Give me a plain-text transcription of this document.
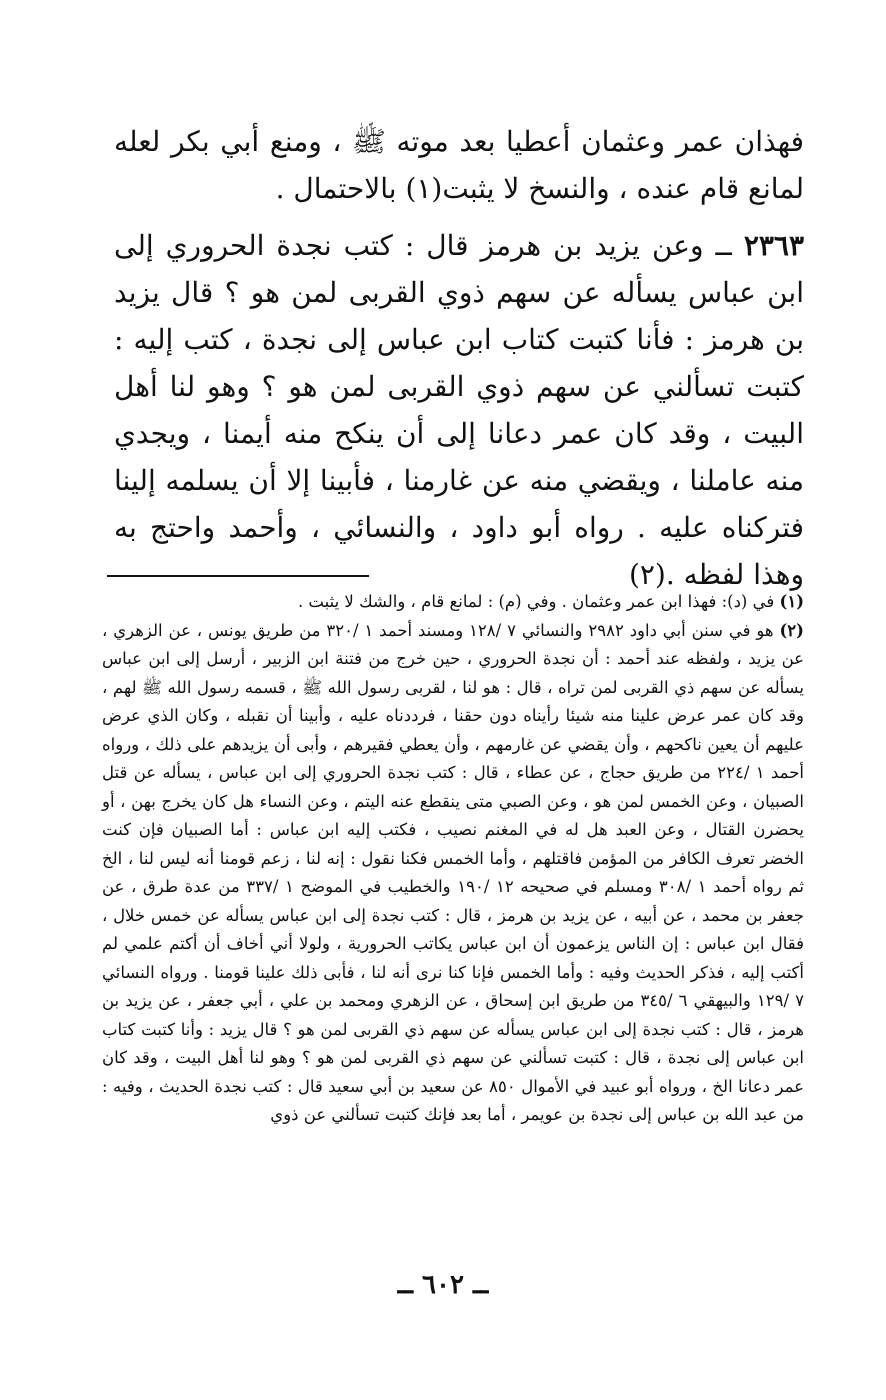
فهذان عمر وعثمان أعطيا بعد موته ﷺ ، ومنع أبي بكر لعله لمانع قام عنده ، والنسخ لا يثبت(١) بالاحتمال .

٢٣٦٣ ــ وعن يزيد بن هرمز قال : كتب نجدة الحروري إلى ابن عباس يسأله عن سهم ذوي القربى لمن هو ؟ قال يزيد بن هرمز : فأنا كتبت كتاب ابن عباس إلى نجدة ، كتب إليه : كتبت تسألني عن سهم ذوي القربى لمن هو ؟ وهو لنا أهل البيت ، وقد كان عمر دعانا إلى أن ينكح منه أيمنا ، ويجدي منه عاملنا ، ويقضي منه عن غارمنا ، فأبينا إلا أن يسلمه إلينا فتركناه عليه . رواه أبو داود ، والنسائي ، وأحمد واحتج به وهذا لفظه .(٢)

(١) في (د): فهذا ابن عمر وعثمان . وفي (م) : لمانع قام ، والشك لا يثبت .

(٢) هو في سنن أبي داود ٢٩٨٢ والنسائي ٧ /١٢٨ ومسند أحمد ١ /٣٢٠ من طريق يونس ، عن الزهري ، عن يزيد ، ولفظه عند أحمد : أن نجدة الحروري ، حين خرج من فتنة ابن الزبير ، أرسل إلى ابن عباس يسأله عن سهم ذي القربى لمن تراه ، قال : هو لنا ، لقربى رسول الله ﷺ ، قسمه رسول الله ﷺ لهم ، وقد كان عمر عرض علينا منه شيئا رأيناه دون حقنا ، فرددناه عليه ، وأبينا أن نقبله ، وكان الذي عرض عليهم أن يعين ناكحهم ، وأن يقضي عن غارمهم ، وأن يعطي فقيرهم ، وأبى أن يزيدهم على ذلك ، ورواه أحمد ١ /٢٢٤ من طريق حجاج ، عن عطاء ، قال : كتب نجدة الحروري إلى ابن عباس ، يسأله عن قتل الصبيان ، وعن الخمس لمن هو ، وعن الصبي متى ينقطع عنه اليتم ، وعن النساء هل كان يخرج بهن ، أو يحضرن القتال ، وعن العبد هل له في المغنم نصيب ، فكتب إليه ابن عباس : أما الصبيان فإن كنت الخضر تعرف الكافر من المؤمن فاقتلهم ، وأما الخمس فكنا نقول : إنه لنا ، زعم قومنا أنه ليس لنا ، الخ ثم رواه أحمد ١ /٣٠٨ ومسلم في صحيحه ١٢ /١٩٠ والخطيب في الموضح ١ /٣٣٧ من عدة طرق ، عن جعفر بن محمد ، عن أبيه ، عن يزيد بن هرمز ، قال : كتب نجدة إلى ابن عباس يسأله عن خمس خلال ، فقال ابن عباس : إن الناس يزعمون أن ابن عباس يكاتب الحرورية ، ولولا أني أخاف أن أكتم علمي لم أكتب إليه ، فذكر الحديث وفيه : وأما الخمس فإنا كنا نرى أنه لنا ، فأبى ذلك علينا قومنا . ورواه النسائي ٧ /١٢٩ والبيهقي ٦ /٣٤٥ من طريق ابن إسحاق ، عن الزهري ومحمد بن علي ، أبي جعفر ، عن يزيد بن هرمز ، قال : كتب نجدة إلى ابن عباس يسأله عن سهم ذي القربى لمن هو ؟ قال يزيد : وأنا كتبت كتاب ابن عباس إلى نجدة ، قال : كتبت تسألني عن سهم ذي القربى لمن هو ؟ وهو لنا أهل البيت ، وقد كان عمر دعانا الخ ، ورواه أبو عبيد في الأموال ٨٥٠ عن سعيد بن أبي سعيد قال : كتب نجدة الحديث ، وفيه : من عبد الله بن عباس إلى نجدة بن عويمر ، أما بعد فإنك كتبت تسألني عن ذوي

ــ ٦٠٢ ــ
